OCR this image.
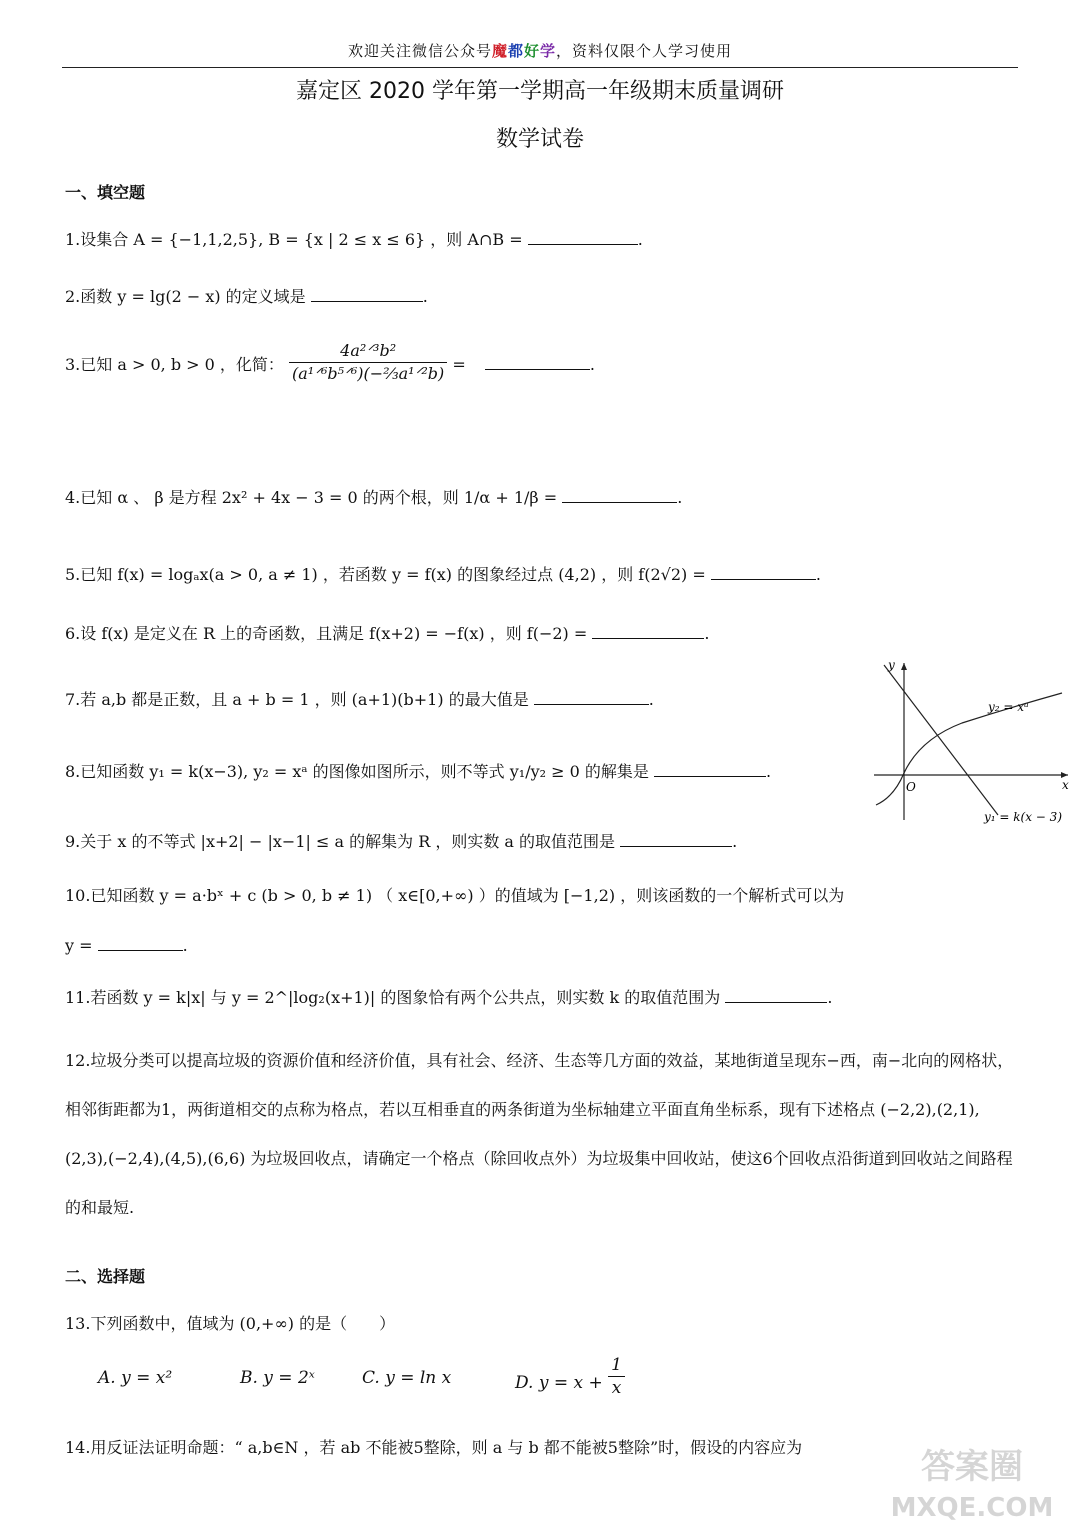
欢迎关注微信公众号魔都好学，资料仅限个人学习使用
嘉定区 2020 学年第一学期高一年级期末质量调研
数学试卷
一、填空题
1.设集合 A = {−1,1,2,5}, B = {x | 2 ≤ x ≤ 6} ，则 A∩B =	.
2.函数 y = lg(2 − x) 的定义域是	.
3.已知 a > 0, b > 0 ，化简： $\frac{\text{4a²ᐟ³b²}}{\text{(a¹ᐟ⁶b⁵ᐟ⁶)(−⅔a¹ᐟ²b)}}$ =	.
4.已知 α 、 β 是方程 2x² + 4x − 3 = 0 的两个根，则 1/α + 1/β =	.
5.已知 f(x) = logₐx(a > 0, a ≠ 1) ，若函数 y = f(x) 的图象经过点 (4,2) ，则 f(2√2) =	.
6.设 f(x) 是定义在 R 上的奇函数，且满足 f(x+2) = −f(x) ，则 f(−2) =	.
7.若 a,b 都是正数，且 a + b = 1 ，则 (a+1)(b+1) 的最大值是	.
8.已知函数 y₁ = k(x−3), y₂ = xᵃ 的图像如图所示，则不等式 y₁/y₂ ≥ 0 的解集是	.
y
x
O
y₂ = xᵘ
y₁ = k(x − 3)
9.关于 x 的不等式 |x+2| − |x−1| ≤ a 的解集为 R ，则实数 a 的取值范围是	.
10.已知函数 y = a·bˣ + c (b > 0, b ≠ 1) （ x∈[0,+∞) ）的值域为 [−1,2) ，则该函数的一个解析式可以为
y =	.
11.若函数 y = k|x| 与 y = 2^|log₂(x+1)| 的图象恰有两个公共点，则实数 k 的取值范围为	.
12.垃圾分类可以提高垃圾的资源价值和经济价值，具有社会、经济、生态等几方面的效益，某地街道呈现东−西，南−北向的网格状，相邻街距都为1，两街道相交的点称为格点，若以互相垂直的两条街道为坐标轴建立平面直角坐标系，现有下述格点 (−2,2),(2,1),(2,3),(−2,4),(4,5),(6,6) 为垃圾回收点，请确定一个格点（除回收点外）为垃圾集中回收站，使这6个回收点沿街道到回收站之间路程的和最短.
二、选择题
13.下列函数中，值域为 (0,+∞) 的是（　　）
A. y = x²	B. y = 2ˣ	C. y = ln x	D. $y = x + \frac{1}{x}$
14.用反证法证明命题：“ a,b∈N ，若 ab 不能被5整除，则 a 与 b 都不能被5整除”时，假设的内容应为	答案圈
MXQE.COM
